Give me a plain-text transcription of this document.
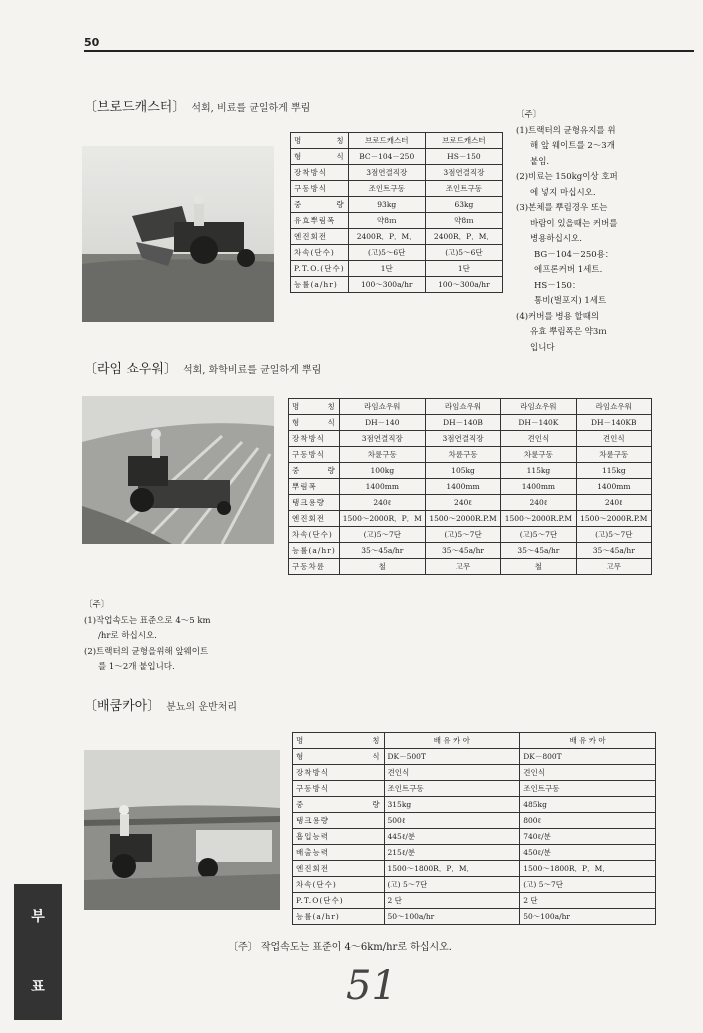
50
〔브로드캐스터〕 석회, 비료를 균일하게 뿌림
명 칭	브로드캐스터	브로드캐스터
형 식	BC－104－250	HS－150
장착방식	3점연결직장	3점연결직장
구동방식	조인트구동	조인트구동
중 량	93kg	63kg
유효뿌림폭	약8ｍ	약8ｍ
엔진회전	2400R．P．M．	2400R．P．M．
차속(단수)	(고)5～6단	(고)5～6단
P.T.O.(단수)	1단	1단
능률(a/hr)	100～300a/hr	100～300a/hr
〔주〕
(1)트랙터의 균형유지를 위
해 앞 웨이트를 2～3개
붙임.
(2)비료는 150kg이상 호퍼
에 넣지 마십시오.
(3)본체를 뿌림경우 또는
바람이 있을때는 커버를
병용하십시오.
BG－104－250용：
에프론커버 1세트.
HS－150：
통비(벌포지) 1세트
(4)커버를 병용 할때의
유효 뿌림폭은 약3ｍ
입니다
〔라임 쇼우워〕 석회, 화학비료를 균일하게 뿌림
명 칭	라임쇼우워	라임쇼우워	라임쇼우워	라임쇼우워
형 식	DH－140	DH－140B	DH－140K	DH－140KB
장착방식	3점연결직장	3점연결직장	견인식	견인식
구동방식	차륜구동	차륜구동	차륜구동	차륜구동
중 량	100kg	105kg	115kg	115kg
뿌림폭	1400mm	1400mm	1400mm	1400mm
탱크용량	240ℓ	240ℓ	240ℓ	240ℓ
엔진회전	1500～2000R．P．M	1500～2000R.P.M	1500～2000R.P.M	1500～2000R.P.M
차속(단수)	(고)5～7단	(고)5～7단	(고)5～7단	(고)5～7단
능률(a/hr)	35～45a/hr	35～45a/hr	35～45a/hr	35～45a/hr
구동차륜	철	고무	철	고무
〔주〕
(1)작업속도는 표준으로 4～5 km
/hr로 하십시오.
(2)트랙터의 균형을위해 앞웨이트
를 1～2개 붙입니다.
〔배쿰카아〕 분뇨의 운반처리
명 칭	배 유 카 아	배 유 카 아
형 식	DK－500T	DK－800T
장착방식	견인식	견인식
구동방식	조인트구동	조인트구동
중 량	315kg	485kg
탱크용량	500ℓ	800ℓ
흡입능력	445ℓ/분	740ℓ/분
배출능력	215ℓ/분	450ℓ/분
엔진회전	1500～1800R．P．M．	1500～1800R．P．M．
차속(단수)	(고) 5～7단	(고) 5～7단
P.T.O(단수)	2 단	2 단
능률(a/hr)	50～100a/hr	50～100a/hr
〔주〕 작업속도는 표준이 4～6km/hr로 하십시오.
부
표	51
